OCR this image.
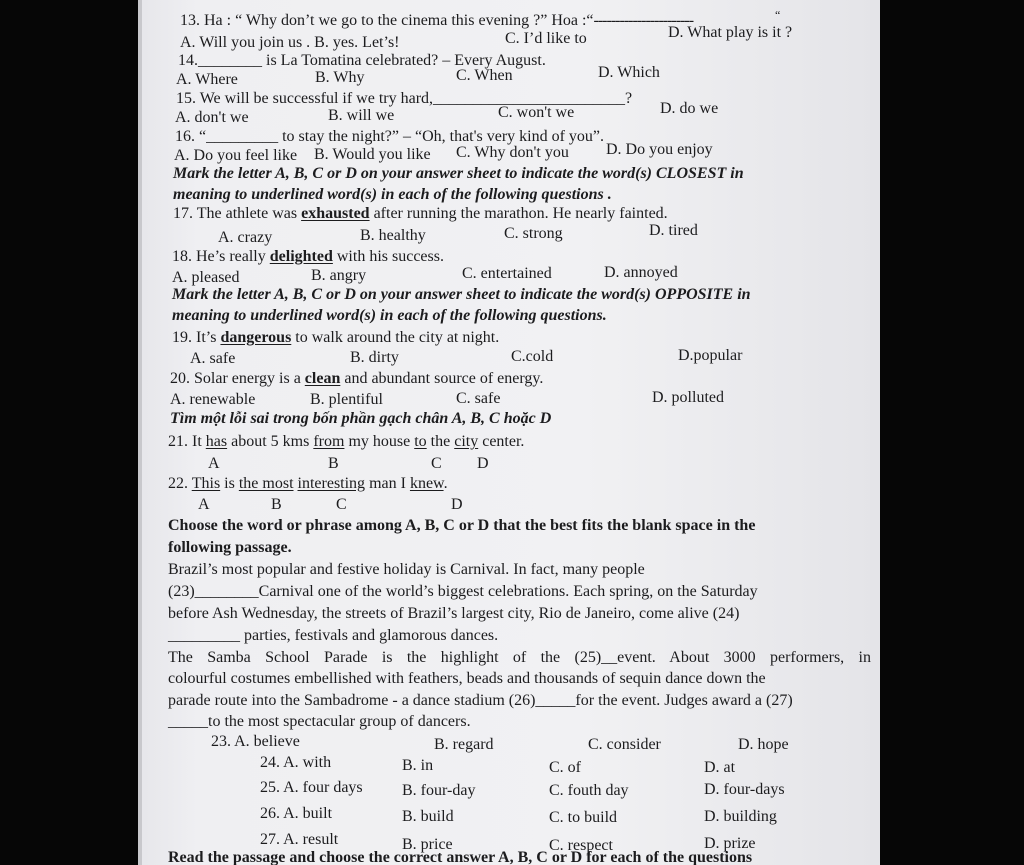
13. Ha : “ Why don’t we go to the cinema this evening ?” Hoa :“-----------------------	“
A. Will you join us . B. yes. Let’s!	C. I’d like to	D. What play is it ?
14.________ is La Tomatina celebrated? – Every August.
A. Where	B. Why	C. When	D. Which
15. We will be successful if we try hard,________________________?
A. don't we	B. will we	C. won't we	D. do we
16. “_________ to stay the night?” – “Oh, that's very kind of you”.
A. Do you feel like B. Would you like C. Why don't you D. Do you enjoy
Mark the letter A, B, C or D on your answer sheet to indicate the word(s) CLOSEST in
meaning to underlined word(s) in each of the following questions .
17. The athlete was exhausted after running the marathon. He nearly fainted.
A. crazy	B. healthy	C. strong	D. tired
18. He’s really delighted with his success.
A. pleased	B. angry	C. entertained	D. annoyed
Mark the letter A, B, C or D on your answer sheet to indicate the word(s) OPPOSITE in
meaning to underlined word(s) in each of the following questions.
19. It’s dangerous to walk around the city at night.
A. safe	B. dirty	C.cold	D.popular
20. Solar energy is a clean and abundant source of energy.
A. renewable	B. plentiful	C. safe	D. polluted
Tìm một lỗi sai trong bốn phần gạch chân A, B, C hoặc D
21. It has about 5 kms from my house to the city center.
A	B	C D
22. This is the most interesting man I knew.
A	B	C	D
Choose the word or phrase among A, B, C or D that the best fits the blank space in the
following passage.
Brazil’s most popular and festive holiday is Carnival. In fact, many people
(23)________Carnival one of the world’s biggest celebrations. Each spring, on the Saturday
before Ash Wednesday, the streets of Brazil’s largest city, Rio de Janeiro, come alive (24)
_________ parties, festivals and glamorous dances.
The Samba School Parade is the highlight of the (25)__event. About 3000 performers, in
colourful costumes embellished with feathers, beads and thousands of sequin dance down the
parade route into the Sambadrome - a dance stadium (26)_____for the event. Judges award a (27)
_____to the most spectacular group of dancers.
23. A. believe	B. regard	C. consider	D. hope
24. A. with	B. in	C. of	D. at
25. A. four days B. four-day	C. fouth day	D. four-days
26. A. built	B. build	C. to build	D. building
27. A. result	B. price	C. respect	D. prize
Read the passage and choose the correct answer A, B, C or D for each of the questions
